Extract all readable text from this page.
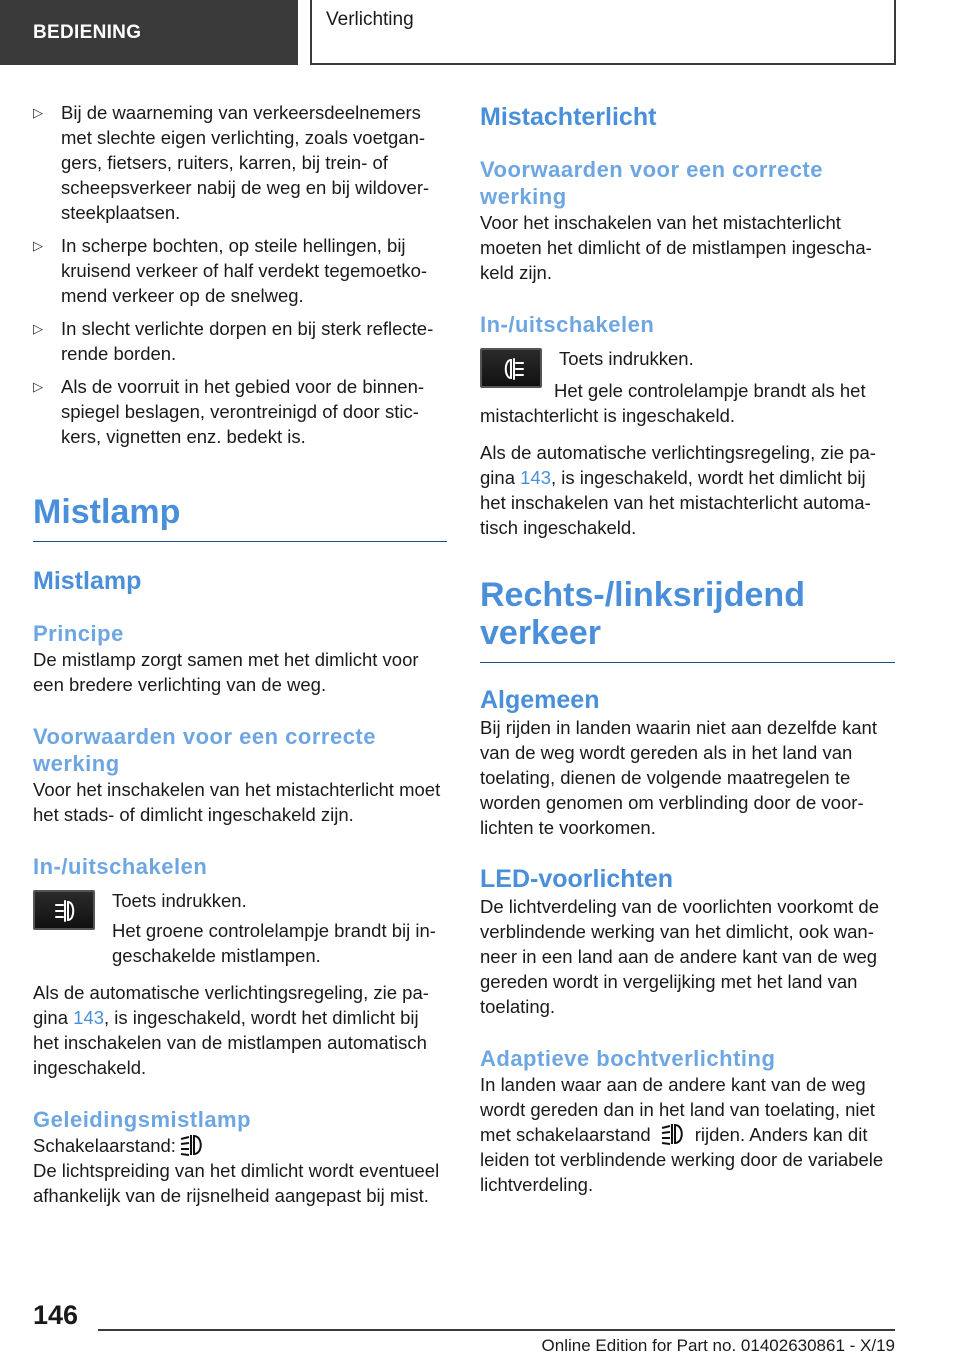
BEDIENING
Verlichting
▷ Bij de waarneming van verkeersdeelnemers met slechte eigen verlichting, zoals voetgangers, fietsers, ruiters, karren, bij trein- of scheepsverkeer nabij de weg en bij wildoversteekplaatsen.
▷ In scherpe bochten, op steile hellingen, bij kruisend verkeer of half verdekt tegemoetkomend verkeer op de snelweg.
▷ In slecht verlichte dorpen en bij sterk reflecterende borden.
▷ Als de voorruit in het gebied voor de binnenspiegel beslagen, verontreinigd of door stickers, vignetten enz. bedekt is.
Mistlamp
Mistlamp
Principe

De mistlamp zorgt samen met het dimlicht voor een bredere verlichting van de weg.

Voorwaarden voor een correcte werking

Voor het inschakelen van het mistachterlicht moet het stads- of dimlicht ingeschakeld zijn.

In-/uitschakelen

Toets indrukken.

Het groene controlelampje brandt bij ingeschakelde mistlampen.

Als de automatische verlichtingsregeling, zie pagina 143, is ingeschakeld, wordt het dimlicht bij het inschakelen van de mistlampen automatisch ingeschakeld.

Geleidingsmistlamp

Schakelaarstand:

De lichtspreiding van het dimlicht wordt eventueel afhankelijk van de rijsnelheid aangepast bij mist.

Mistachterlicht
Voorwaarden voor een correcte werking

Voor het inschakelen van het mistachterlicht moeten het dimlicht of de mistlampen ingeschakeld zijn.

In-/uitschakelen

Toets indrukken.

Het gele controlelampje brandt als het mistachterlicht is ingeschakeld.

Als de automatische verlichtingsregeling, zie pagina 143, is ingeschakeld, wordt het dimlicht bij het inschakelen van het mistachterlicht automatisch ingeschakeld.

Rechts-/linksrijdend verkeer
Algemeen

Bij rijden in landen waarin niet aan dezelfde kant van de weg wordt gereden als in het land van toelating, dienen de volgende maatregelen te worden genomen om verblinding door de voorlichten te voorkomen.

LED-voorlichten

De lichtverdeling van de voorlichten voorkomt de verblindende werking van het dimlicht, ook wanneer in een land aan de andere kant van de weg gereden wordt in vergelijking met het land van toelating.

Adaptieve bochtverlichting

In landen waar aan de andere kant van de weg wordt gereden dan in het land van toelating, niet met schakelaarstand rijden. Anders kan dit leiden tot verblindende werking door de variabele lichtverdeling.

146
Online Edition for Part no. 01402630861 - X/19
